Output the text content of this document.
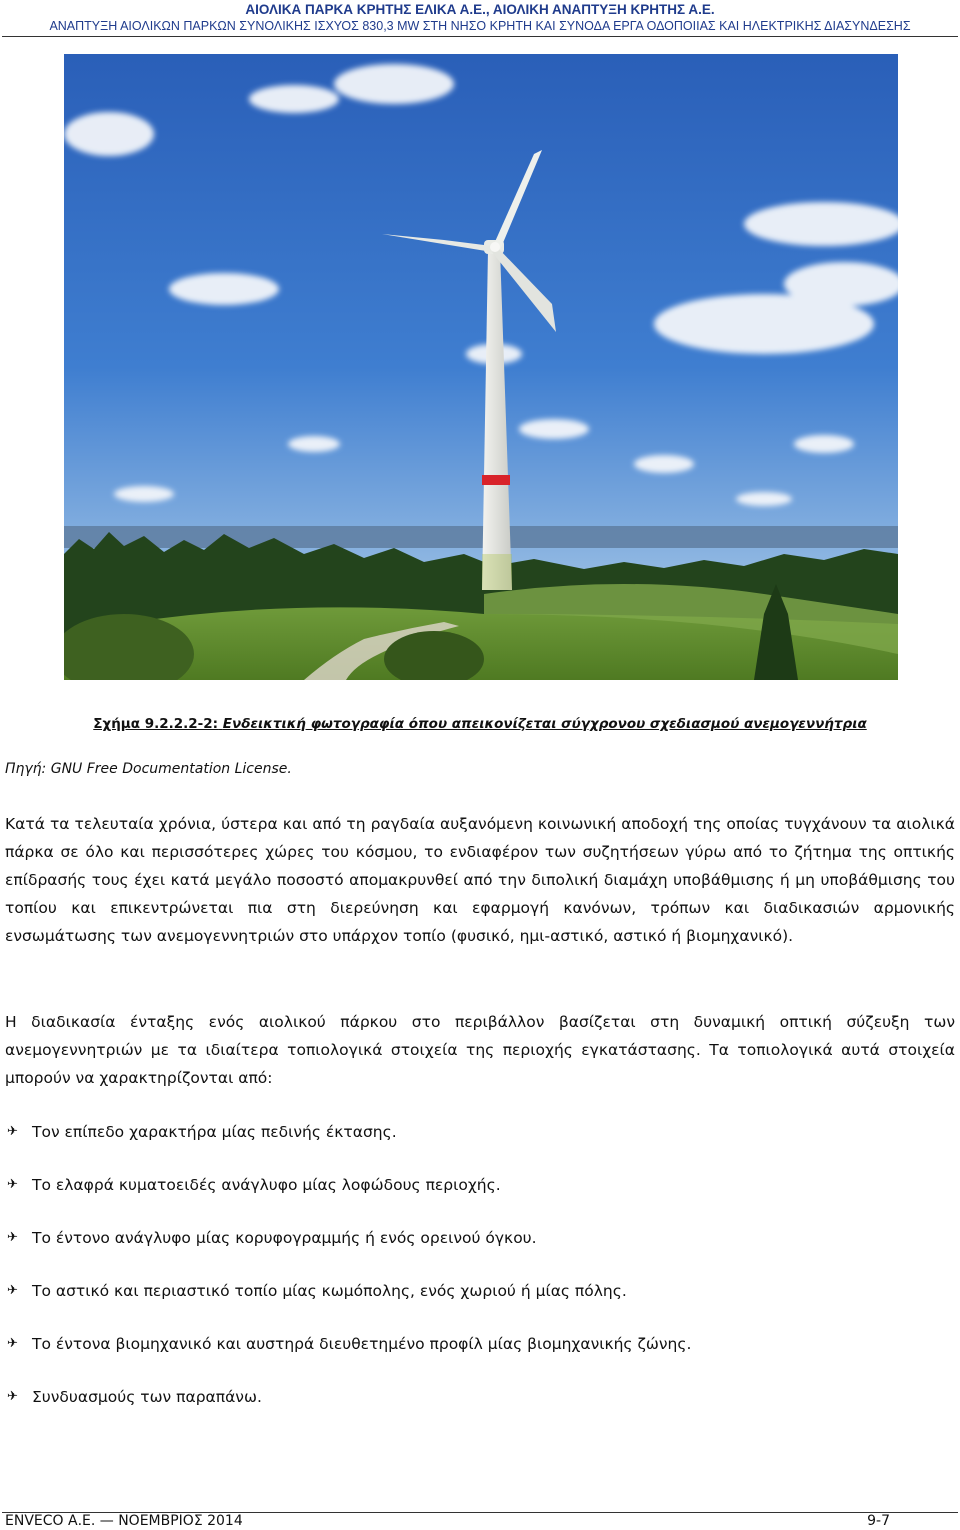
ΑΙΟΛΙΚΑ ΠΑΡΚΑ ΚΡΗΤΗΣ ΕΛΙΚΑ Α.Ε., ΑΙΟΛΙΚΗ ΑΝΑΠΤΥΞΗ ΚΡΗΤΗΣ Α.Ε.
ΑΝΑΠΤΥΞΗ ΑΙΟΛΙΚΩΝ ΠΑΡΚΩΝ ΣΥΝΟΛΙΚΗΣ ΙΣΧΥΟΣ 830,3 MW ΣΤΗ ΝΗΣΟ ΚΡΗΤΗ ΚΑΙ ΣΥΝΟΔΑ ΕΡΓΑ ΟΔΟΠΟΙΙΑΣ ΚΑΙ ΗΛΕΚΤΡΙΚΗΣ ΔΙΑΣΥΝΔΕΣΗΣ
Σχήμα 9.2.2.2-2: Ενδεικτική φωτογραφία όπου απεικονίζεται σύγχρονου σχεδιασμού ανεμογεννήτρια
Πηγή: GNU Free Documentation License.
Κατά τα τελευταία χρόνια, ύστερα και από τη ραγδαία αυξανόμενη κοινωνική αποδοχή της οποίας τυγχάνουν τα αιολικά πάρκα σε όλο και περισσότερες χώρες του κόσμου, το ενδιαφέρον των συζητήσεων γύρω από το ζήτημα της οπτικής επίδρασής τους έχει κατά μεγάλο ποσοστό απομακρυνθεί από την διπολική διαμάχη υποβάθμισης ή μη υποβάθμισης του τοπίου και επικεντρώνεται πια στη διερεύνηση και εφαρμογή κανόνων, τρόπων και διαδικασιών αρμονικής ενσωμάτωσης των ανεμογεννητριών στο υπάρχον τοπίο (φυσικό, ημι-αστικό, αστικό ή βιομηχανικό).
Η διαδικασία ένταξης ενός αιολικού πάρκου στο περιβάλλον βασίζεται στη δυναμική οπτική σύζευξη των ανεμογεννητριών με τα ιδιαίτερα τοπιολογικά στοιχεία της περιοχής εγκατάστασης. Τα τοπιολογικά αυτά στοιχεία μπορούν να χαρακτηρίζονται από:
✈ Τον επίπεδο χαρακτήρα μίας πεδινής έκτασης.
✈ Το ελαφρά κυματοειδές ανάγλυφο μίας λοφώδους περιοχής.
✈ Το έντονο ανάγλυφο μίας κορυφογραμμής ή ενός ορεινού όγκου.
✈ Το αστικό και περιαστικό τοπίο μίας κωμόπολης, ενός χωριού ή μίας πόλης.
✈ Το έντονα βιομηχανικό και αυστηρά διευθετημένο προφίλ μίας βιομηχανικής ζώνης.
✈ Συνδυασμούς των παραπάνω.
ENVECO Α.Ε. — ΝΟΕΜΒΡΙΟΣ 2014	9-7
